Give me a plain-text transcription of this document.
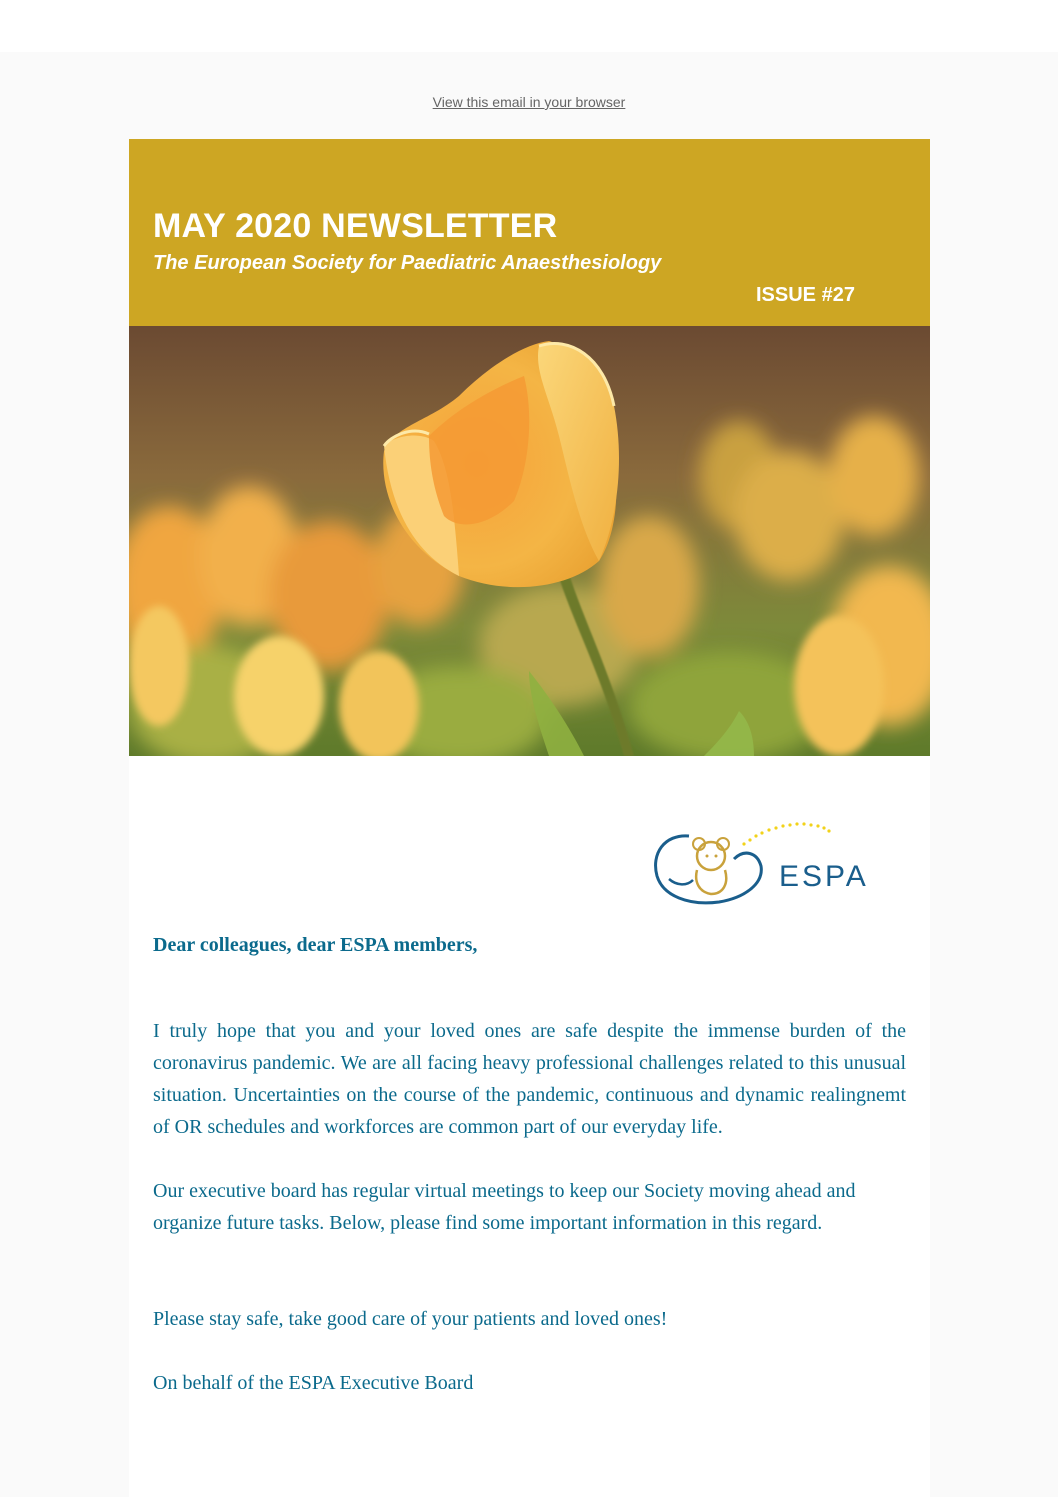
View this email in your browser
MAY 2020 NEWSLETTER
The European Society for Paediatric Anaesthesiology
ISSUE #27
ESPA
Dear colleagues, dear ESPA members,
I truly hope that you and your loved ones are safe despite the immense burden of the coronavirus pandemic. We are all facing heavy professional challenges related to this unusual situation. Uncertainties on the course of the pandemic, continuous and dynamic realingnemt of OR schedules and workforces are common part of our everyday life.
Our executive board has regular virtual meetings to keep our Society moving ahead and organize future tasks. Below, please find some important information in this regard.
Please stay safe, take good care of your patients and loved ones!
On behalf of the ESPA Executive Board
